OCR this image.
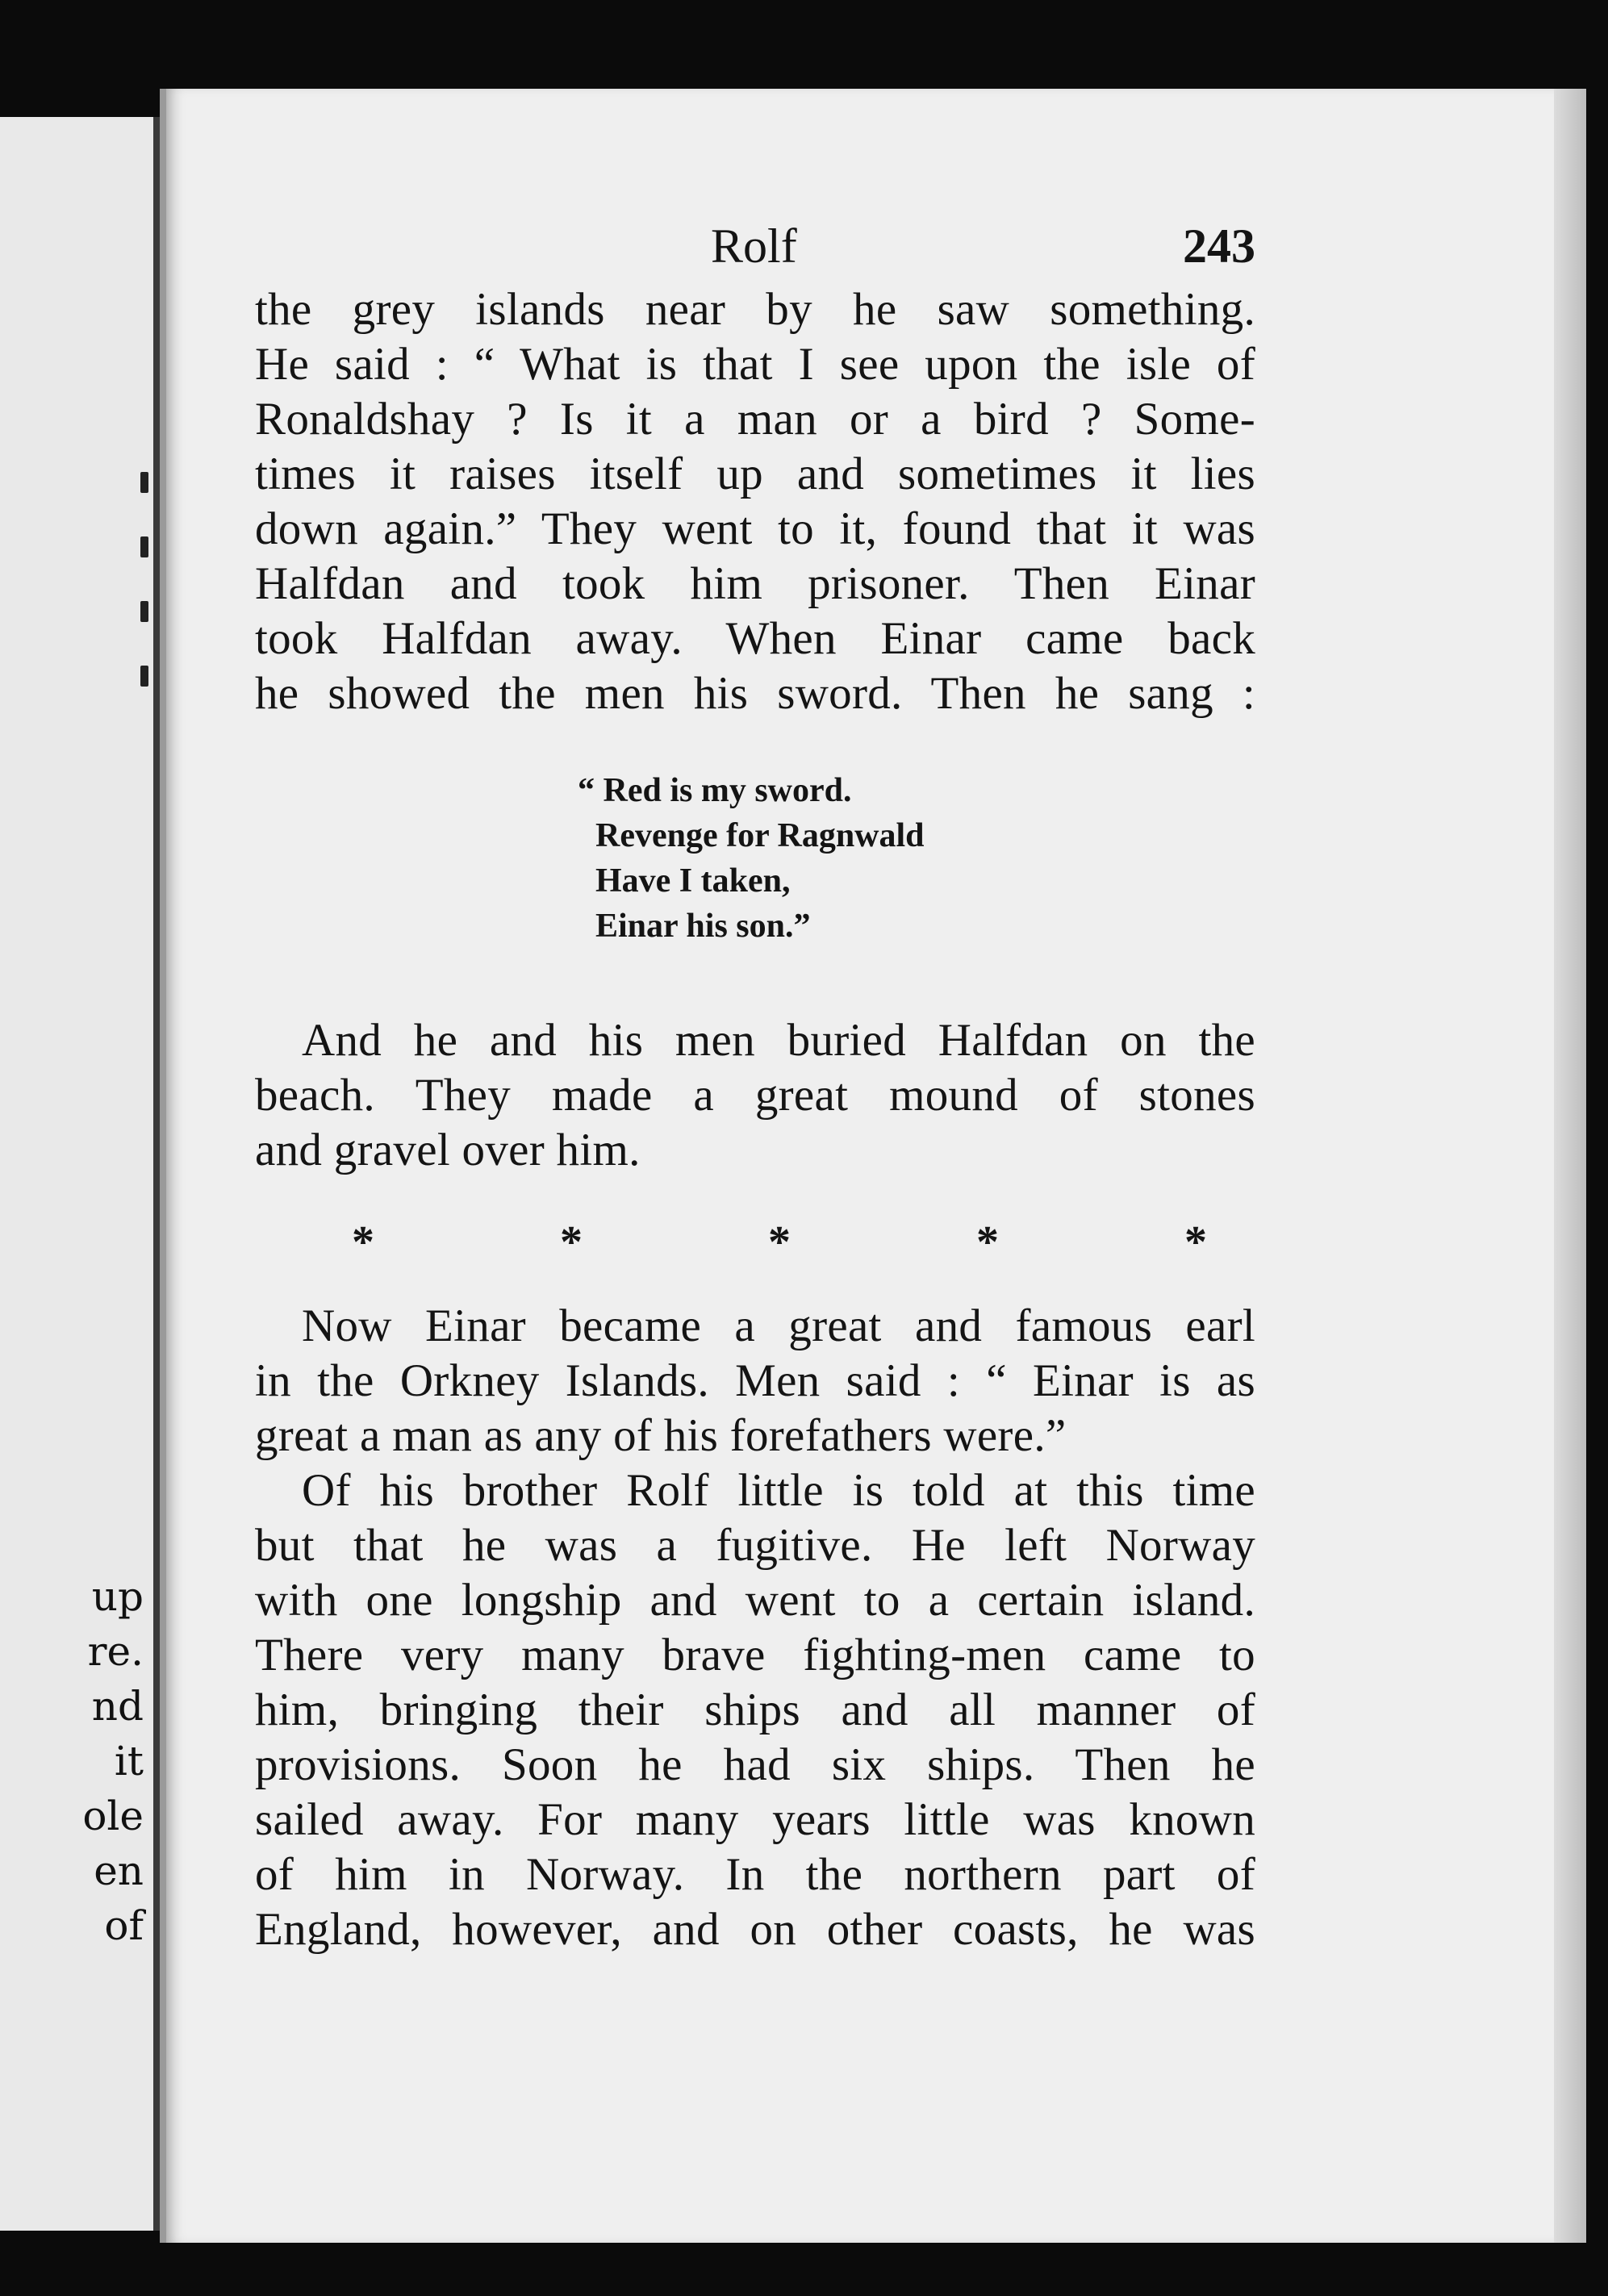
up
re.
nd
it
ole
en
of
Rolf	243
the grey islands near by he saw something.
He said : “ What is that I see upon the isle of
Ronaldshay ? Is it a man or a bird ? Some-
times it raises itself up and sometimes it lies
down again.” They went to it, found that it was
Halfdan and took him prisoner. Then Einar
took Halfdan away. When Einar came back
he showed the men his sword. Then he sang :
“ Red is my sword.
Revenge for Ragnwald
Have I taken,
Einar his son.”
And he and his men buried Halfdan on the
beach. They made a great mound of stones
and gravel over him.
*	*	*	*	*
Now Einar became a great and famous earl
in the Orkney Islands. Men said : “ Einar is as
great a man as any of his forefathers were.”
Of his brother Rolf little is told at this time
but that he was a fugitive. He left Norway
with one longship and went to a certain island.
There very many brave fighting-men came to
him, bringing their ships and all manner of
provisions. Soon he had six ships. Then he
sailed away. For many years little was known
of him in Norway. In the northern part of
England, however, and on other coasts, he was
